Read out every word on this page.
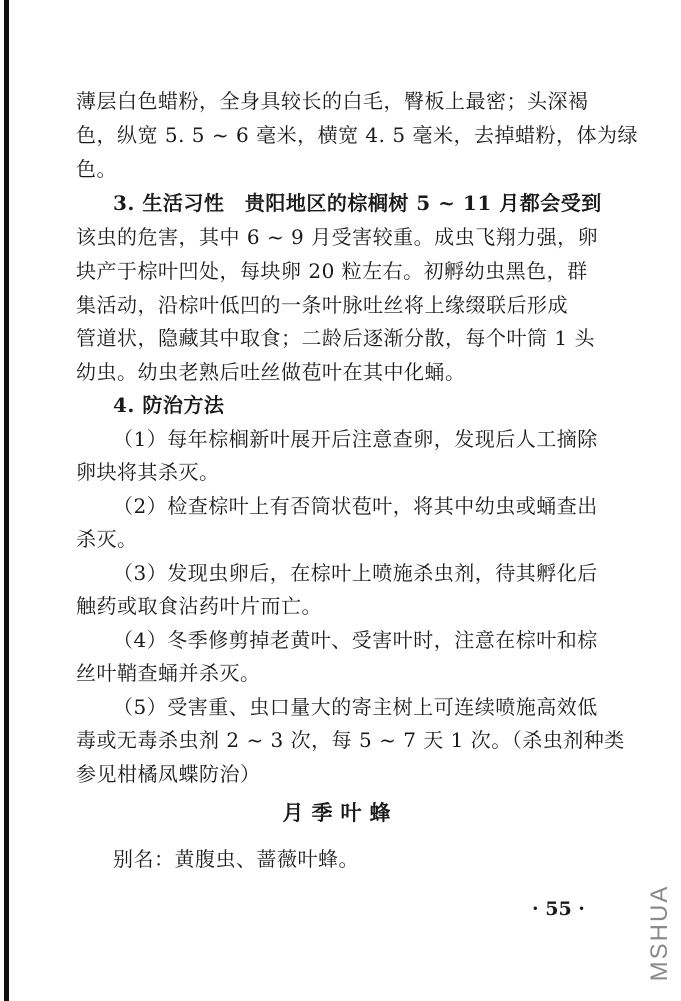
薄层白色蜡粉，全身具较长的白毛，臀板上最密；头深褐
色，纵宽 5. 5 ~ 6 毫米，横宽 4. 5 毫米，去掉蜡粉，体为绿
色。
3. 生活习性　贵阳地区的棕榈树 5 ~ 11 月都会受到
该虫的危害，其中 6 ~ 9 月受害较重。成虫飞翔力强，卵
块产于棕叶凹处，每块卵 20 粒左右。初孵幼虫黑色，群
集活动，沿棕叶低凹的一条叶脉吐丝将上缘缀联后形成
管道状，隐藏其中取食；二龄后逐渐分散，每个叶筒 1 头
幼虫。幼虫老熟后吐丝做苞叶在其中化蛹。
4. 防治方法
（1）每年棕榈新叶展开后注意查卵，发现后人工摘除
卵块将其杀灭。
（2）检查棕叶上有否筒状苞叶，将其中幼虫或蛹查出
杀灭。
（3）发现虫卵后，在棕叶上喷施杀虫剂，待其孵化后
触药或取食沾药叶片而亡。
（4）冬季修剪掉老黄叶、受害叶时，注意在棕叶和棕
丝叶鞘查蛹并杀灭。
（5）受害重、虫口量大的寄主树上可连续喷施高效低
毒或无毒杀虫剂 2 ~ 3 次，每 5 ~ 7 天 1 次。（杀虫剂种类
参见柑橘凤蝶防治）
月季叶蜂
别名：黄腹虫、蔷薇叶蜂。
· 55 ·	MSHUA
